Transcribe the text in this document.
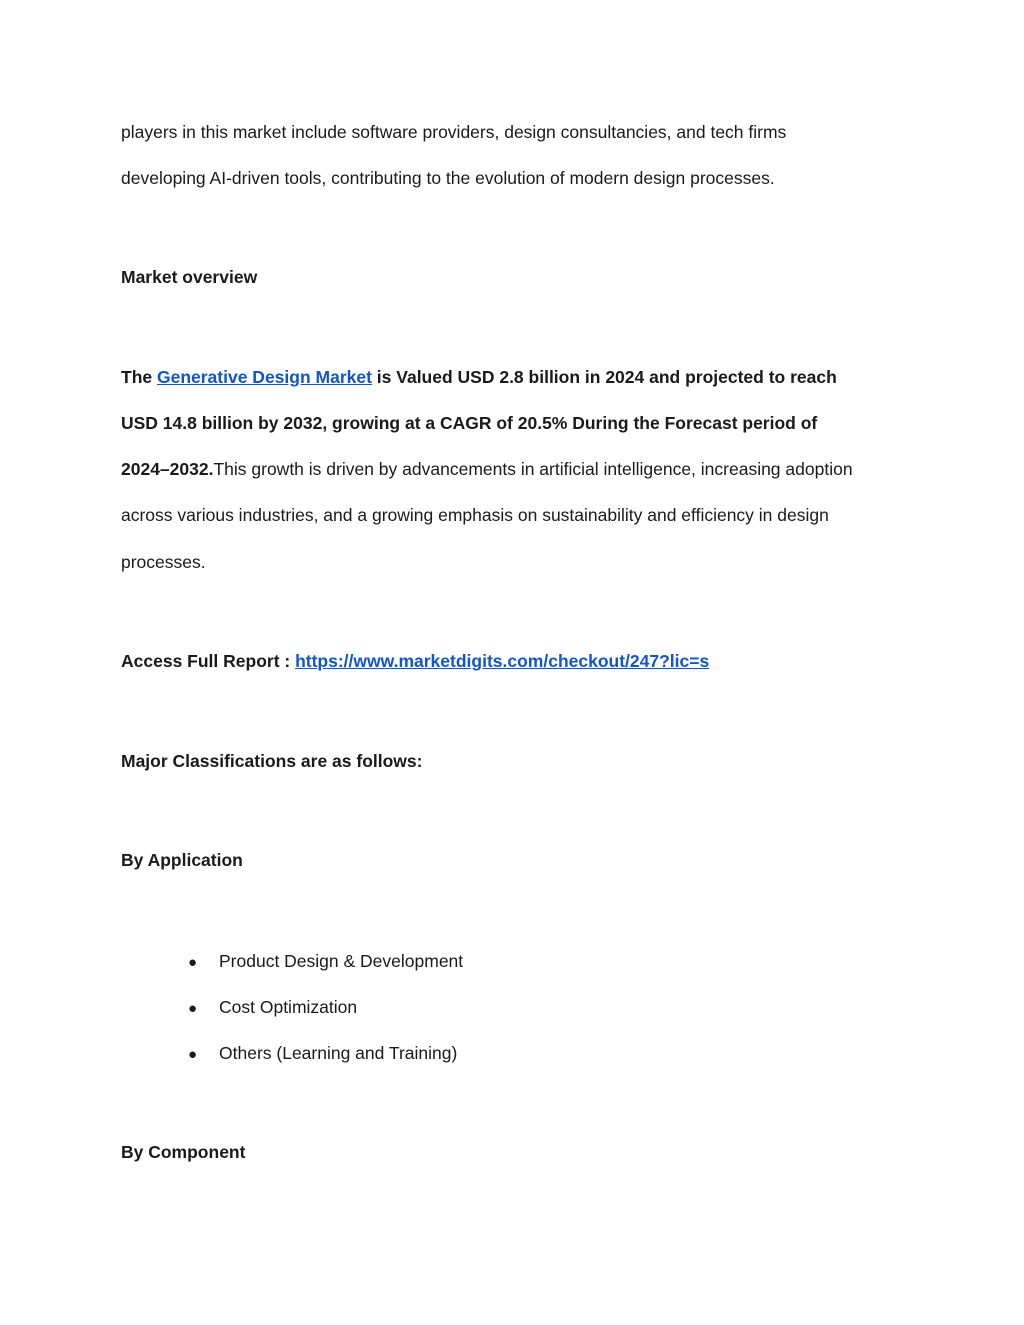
players in this market include software providers, design consultancies, and tech firms
developing AI-driven tools, contributing to the evolution of modern design processes.
Market overview
The Generative Design Market is Valued USD 2.8 billion in 2024 and projected to reach
USD 14.8 billion by 2032, growing at a CAGR of 20.5% During the Forecast period of
2024–2032.This growth is driven by advancements in artificial intelligence, increasing adoption
across various industries, and a growing emphasis on sustainability and efficiency in design
processes.
Access Full Report : https://www.marketdigits.com/checkout/247?lic=s
Major Classifications are as follows:
By Application
● Product Design & Development
● Cost Optimization
● Others (Learning and Training)
By Component
